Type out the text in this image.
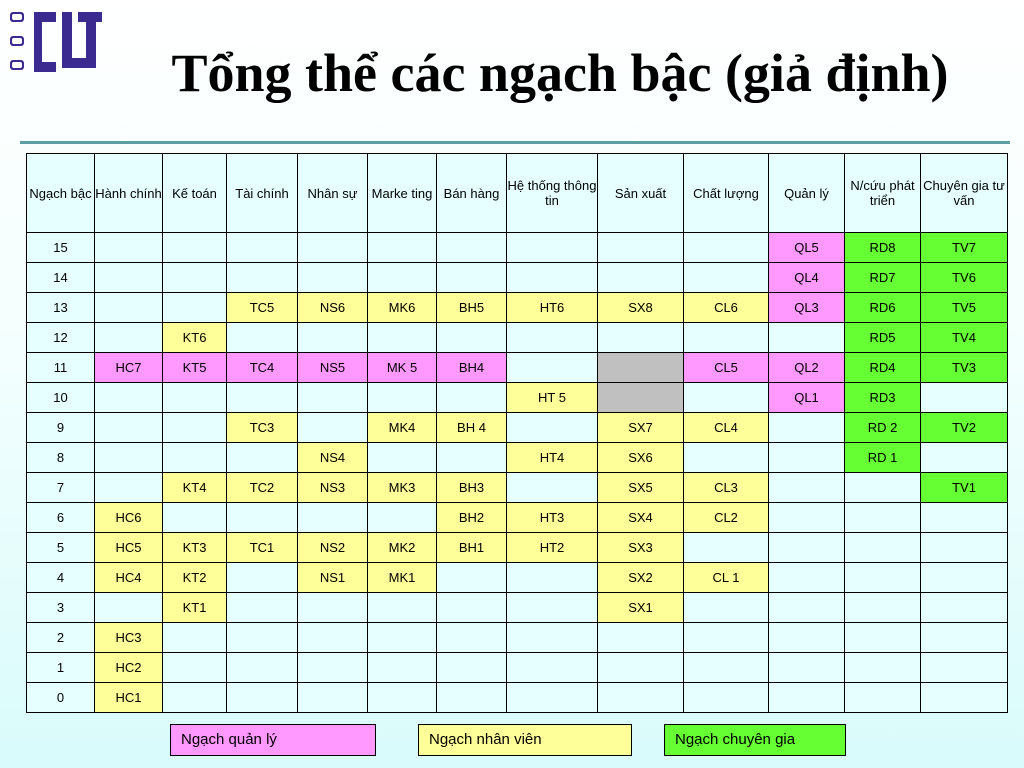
Tổng thể các ngạch bậc (giả định)
Ngạch bậc	Hành chính	Kế toán	Tài chính	Nhân sự	Marke ting	Bán hàng	Hệ thống thông tin	Sản xuất	Chất lượng	Quản lý	N/cứu phát triển	Chuyên gia tư vấn
15										QL5	RD8	TV7
14										QL4	RD7	TV6
13			TC5	NS6	MK6	BH5	HT6	SX8	CL6	QL3	RD6	TV5
12		KT6									RD5	TV4
11	HC7	KT5	TC4	NS5	MK 5	BH4			CL5	QL2	RD4	TV3
10							HT 5			QL1	RD3	
9			TC3		MK4	BH 4		SX7	CL4		RD 2	TV2
8				NS4			HT4	SX6			RD 1	
7		KT4	TC2	NS3	MK3	BH3		SX5	CL3			TV1
6	HC6					BH2	HT3	SX4	CL2			
5	HC5	KT3	TC1	NS2	MK2	BH1	HT2	SX3				
4	HC4	KT2		NS1	MK1			SX2	CL 1			
3		KT1						SX1				
2	HC3											
1	HC2											
0	HC1											
Ngạch quản lý	Ngạch nhân viên	Ngạch chuyên gia
